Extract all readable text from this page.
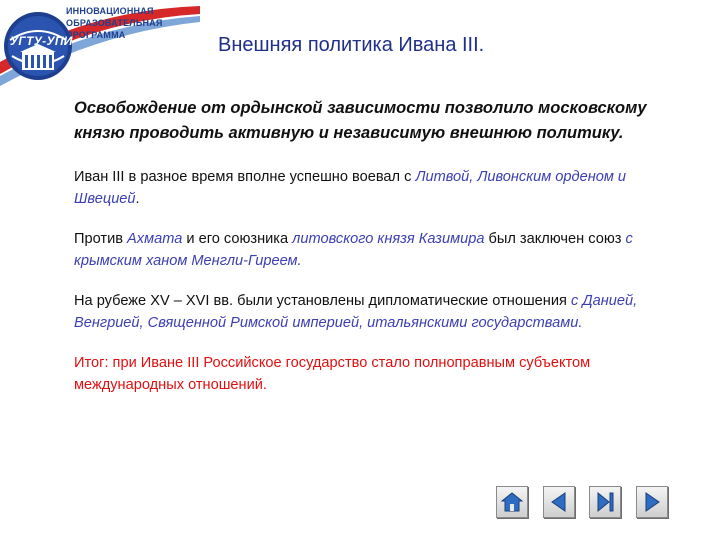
ИННОВАЦИОННАЯ
ОБРАЗОВАТЕЛЬНАЯ
ПРОГРАММА
УГТУ-УПИ	Внешняя политика Ивана III.

Освобождение от ордынской зависимости позволило московскому князю проводить активную и независимую внешнюю политику.

Иван III в разное время вполне успешно воевал с Литвой, Ливонским орденом и Швецией.

Против Ахмата и его союзника литовского князя Казимира был заключен союз с крымским ханом Менгли-Гиреем.

На рубеже XV – XVI вв. были установлены дипломатические отношения с Данией, Венгрией, Священной Римской империей, итальянскими государствами.

Итог: при Иване III Российское государство стало полноправным субъектом международных отношений.
